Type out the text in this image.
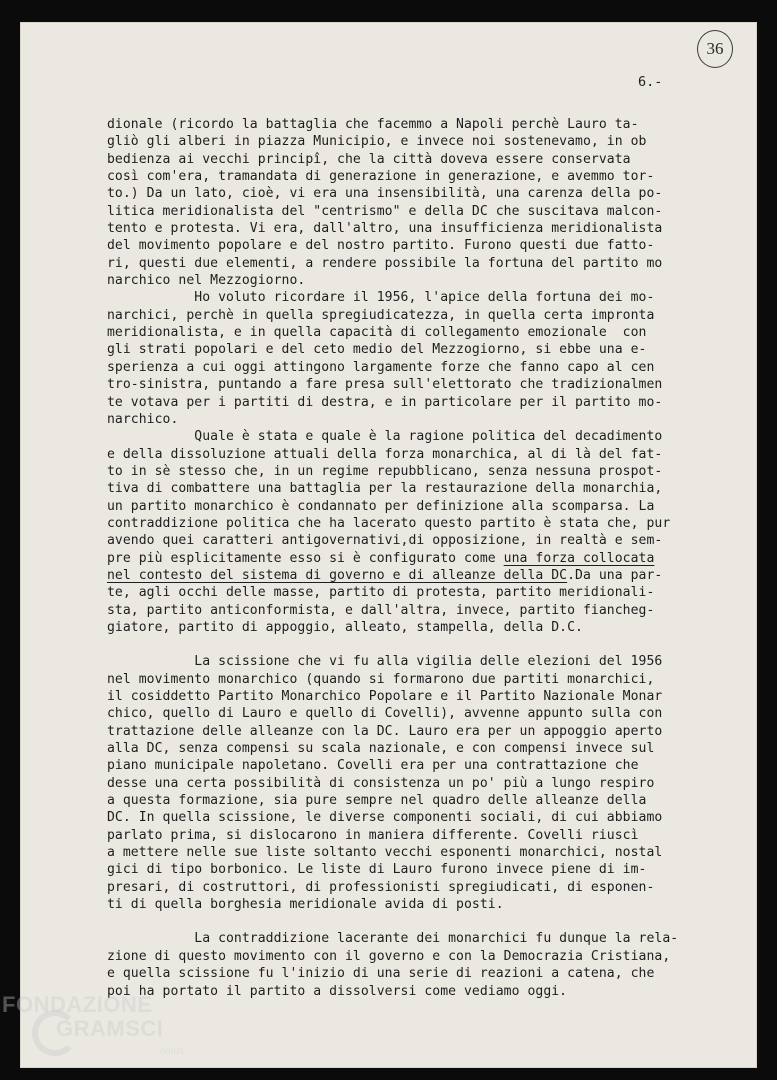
36
6.-
dionale (ricordo la battaglia che facemmo a Napoli perchè Lauro ta-
gliò gli alberi in piazza Municipio, e invece noi sostenevamo, in ob
bedienza ai vecchi principî, che la città doveva essere conservata
così com'era, tramandata di generazione in generazione, e avemmo tor-
to.) Da un lato, cioè, vi era una insensibilità, una carenza della po-
litica meridionalista del "centrismo" e della DC che suscitava malcon-
tento e protesta. Vi era, dall'altro, una insufficienza meridionalista
del movimento popolare e del nostro partito. Furono questi due fatto-
ri, questi due elementi, a rendere possibile la fortuna del partito mo
narchico nel Mezzogiorno.
Ho voluto ricordare il 1956, l'apice della fortuna dei mo-
narchici, perchè in quella spregiudicatezza, in quella certa impronta
meridionalista, e in quella capacità di collegamento emozionale  con
gli strati popolari e del ceto medio del Mezzogiorno, si ebbe una e-
sperienza a cui oggi attingono largamente forze che fanno capo al cen
tro-sinistra, puntando a fare presa sull'elettorato che tradizionalmen
te votava per i partiti di destra, e in particolare per il partito mo-
narchico.
Quale è stata e quale è la ragione politica del decadimento
e della dissoluzione attuali della forza monarchica, al di là del fat-
to in sè stesso che, in un regime repubblicano, senza nessuna prospot-
tiva di combattere una battaglia per la restaurazione della monarchia,
un partito monarchico è condannato per definizione alla scomparsa. La
contraddizione politica che ha lacerato questo partito è stata che, pur
avendo quei caratteri antigovernativi,di opposizione, in realtà e sem-
pre più esplicitamente esso si è configurato come una forza collocata
nel contesto del sistema di governo e di alleanze della DC.Da una par-
te, agli occhi delle masse, partito di protesta, partito meridionali-
sta, partito anticonformista, e dall'altra, invece, partito fiancheg-
giatore, partito di appoggio, alleato, stampella, della D.C.
La scissione che vi fu alla vigilia delle elezioni del 1956
nel movimento monarchico (quando si formarono due partiti monarchici,
il cosiddetto Partito Monarchico Popolare e il Partito Nazionale Monar
chico, quello di Lauro e quello di Covelli), avvenne appunto sulla con
trattazione delle alleanze con la DC. Lauro era per un appoggio aperto
alla DC, senza compensi su scala nazionale, e con compensi invece sul
piano municipale napoletano. Covelli era per una contrattazione che
desse una certa possibilità di consistenza un po' più a lungo respiro
a questa formazione, sia pure sempre nel quadro delle alleanze della
DC. In quella scissione, le diverse componenti sociali, di cui abbiamo
parlato prima, si dislocarono in maniera differente. Covelli riuscì
a mettere nelle sue liste soltanto vecchi esponenti monarchici, nostal
gici di tipo borbonico. Le liste di Lauro furono invece piene di im-
presari, di costruttori, di professionisti spregiudicati, di esponen-
ti di quella borghesia meridionale avida di posti.
La contraddizione lacerante dei monarchici fu dunque la rela-
zione di questo movimento con il governo e con la Democrazia Cristiana,
e quella scissione fu l'inizio di una serie di reazioni a catena, che
poi ha portato il partito a dissolversi come vediamo oggi.
FONDAZIONE
GRAMSCI
onlus
